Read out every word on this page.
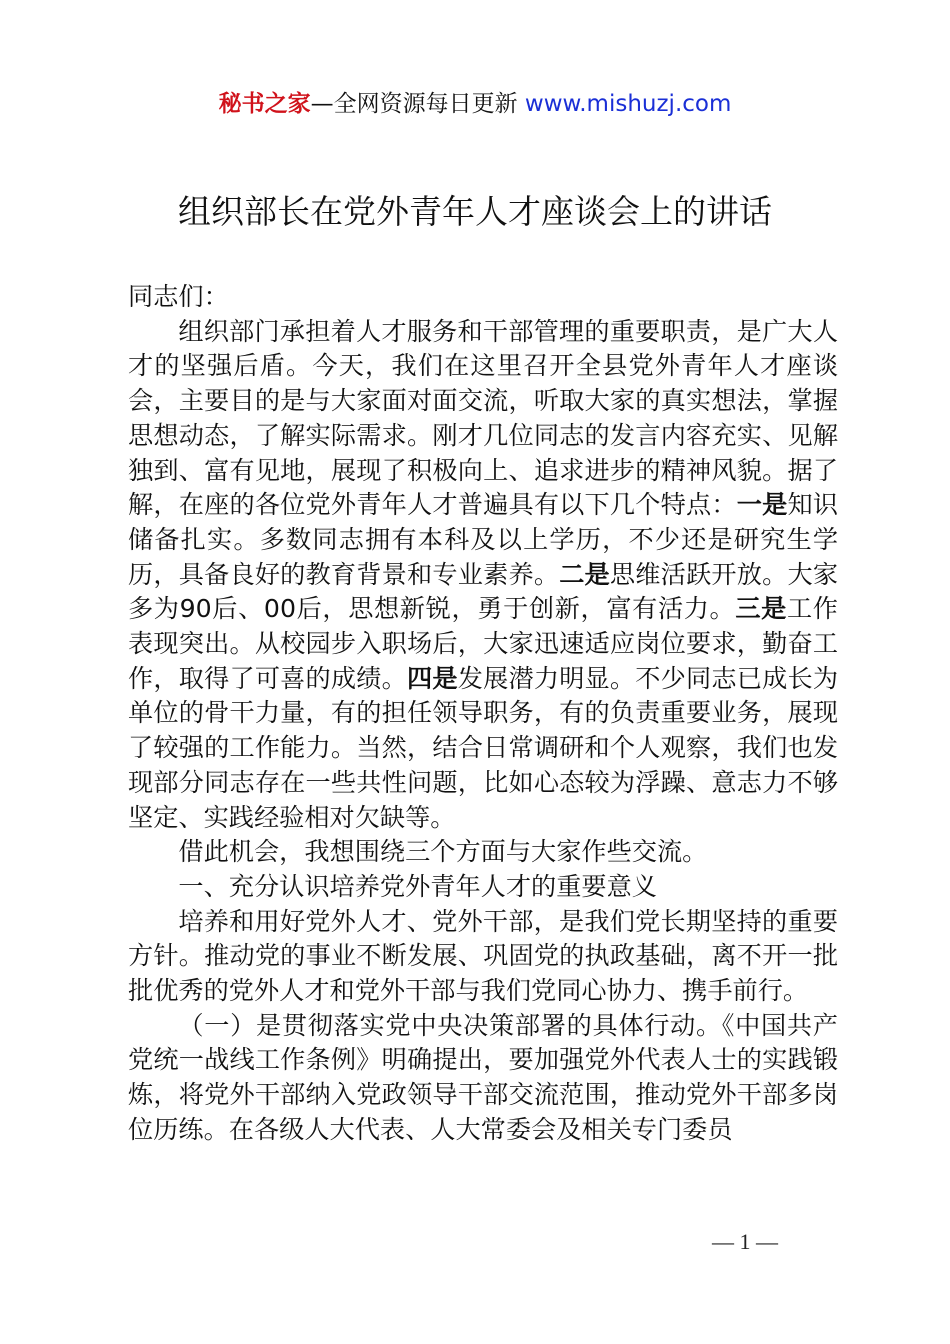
秘书之家—全网资源每日更新 www.mishuzj.com
组织部长在党外青年人才座谈会上的讲话

同志们：

组织部门承担着人才服务和干部管理的重要职责，是广大人才的坚强后盾。今天，我们在这里召开全县党外青年人才座谈会，主要目的是与大家面对面交流，听取大家的真实想法，掌握思想动态，了解实际需求。刚才几位同志的发言内容充实、见解独到、富有见地，展现了积极向上、追求进步的精神风貌。据了解，在座的各位党外青年人才普遍具有以下几个特点：一是知识储备扎实。多数同志拥有本科及以上学历，不少还是研究生学历，具备良好的教育背景和专业素养。二是思维活跃开放。大家多为90后、00后，思想新锐，勇于创新，富有活力。三是工作表现突出。从校园步入职场后，大家迅速适应岗位要求，勤奋工作，取得了可喜的成绩。四是发展潜力明显。不少同志已成长为单位的骨干力量，有的担任领导职务，有的负责重要业务，展现了较强的工作能力。当然，结合日常调研和个人观察，我们也发现部分同志存在一些共性问题，比如心态较为浮躁、意志力不够坚定、实践经验相对欠缺等。

借此机会，我想围绕三个方面与大家作些交流。

一、充分认识培养党外青年人才的重要意义

培养和用好党外人才、党外干部，是我们党长期坚持的重要方针。推动党的事业不断发展、巩固党的执政基础，离不开一批批优秀的党外人才和党外干部与我们党同心协力、携手前行。

（一）是贯彻落实党中央决策部署的具体行动。《中国共产党统一战线工作条例》明确提出，要加强党外代表人士的实践锻炼，将党外干部纳入党政领导干部交流范围，推动党外干部多岗位历练。在各级人大代表、人大常委会及相关专门委员

— 1 —
